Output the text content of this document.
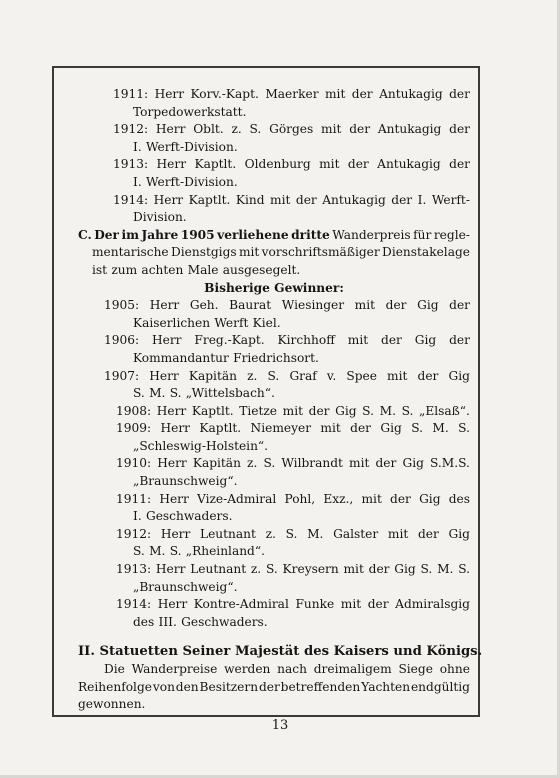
1911: Herr Korv.-Kapt. Maerker mit der Antukagig der
Torpedowerkstatt.
1912: Herr Oblt. z. S. Görges mit der Antukagig der
I. Werft-Division.
1913: Herr Kaptlt. Oldenburg mit der Antukagig der
I. Werft-Division.
1914: Herr Kaptlt. Kind mit der Antukagig der I. Werft-
Division.
C. Der im Jahre 1905 verliehene dritte Wanderpreis für regle-
mentarische Dienstgigs mit vorschriftsmäßiger Dienstakelage
ist zum achten Male ausgesegelt.
Bisherige Gewinner:
1905: Herr Geh. Baurat Wiesinger mit der Gig der
Kaiserlichen Werft Kiel.
1906: Herr Freg.-Kapt. Kirchhoff mit der Gig der
Kommandantur Friedrichsort.
1907: Herr Kapitän z. S. Graf v. Spee mit der Gig
S. M. S. „Wittelsbach“.
1908: Herr Kaptlt. Tietze mit der Gig S. M. S. „Elsaß“.
1909: Herr Kaptlt. Niemeyer mit der Gig S. M. S.
„Schleswig-Holstein“.
1910: Herr Kapitän z. S. Wilbrandt mit der Gig S.M.S.
„Braunschweig“.
1911: Herr Vize-Admiral Pohl, Exz., mit der Gig des
I. Geschwaders.
1912: Herr Leutnant z. S. M. Galster mit der Gig
S. M. S. „Rheinland“.
1913: Herr Leutnant z. S. Kreysern mit der Gig S. M. S.
„Braunschweig“.
1914: Herr Kontre-Admiral Funke mit der Admiralsgig
des III. Geschwaders.
II. Statuetten Seiner Majestät des Kaisers und Königs.
Die Wanderpreise werden nach dreimaligem Siege ohne
Reihenfolge von den Besitzern der betreffenden Yachten endgültig
gewonnen.
13
